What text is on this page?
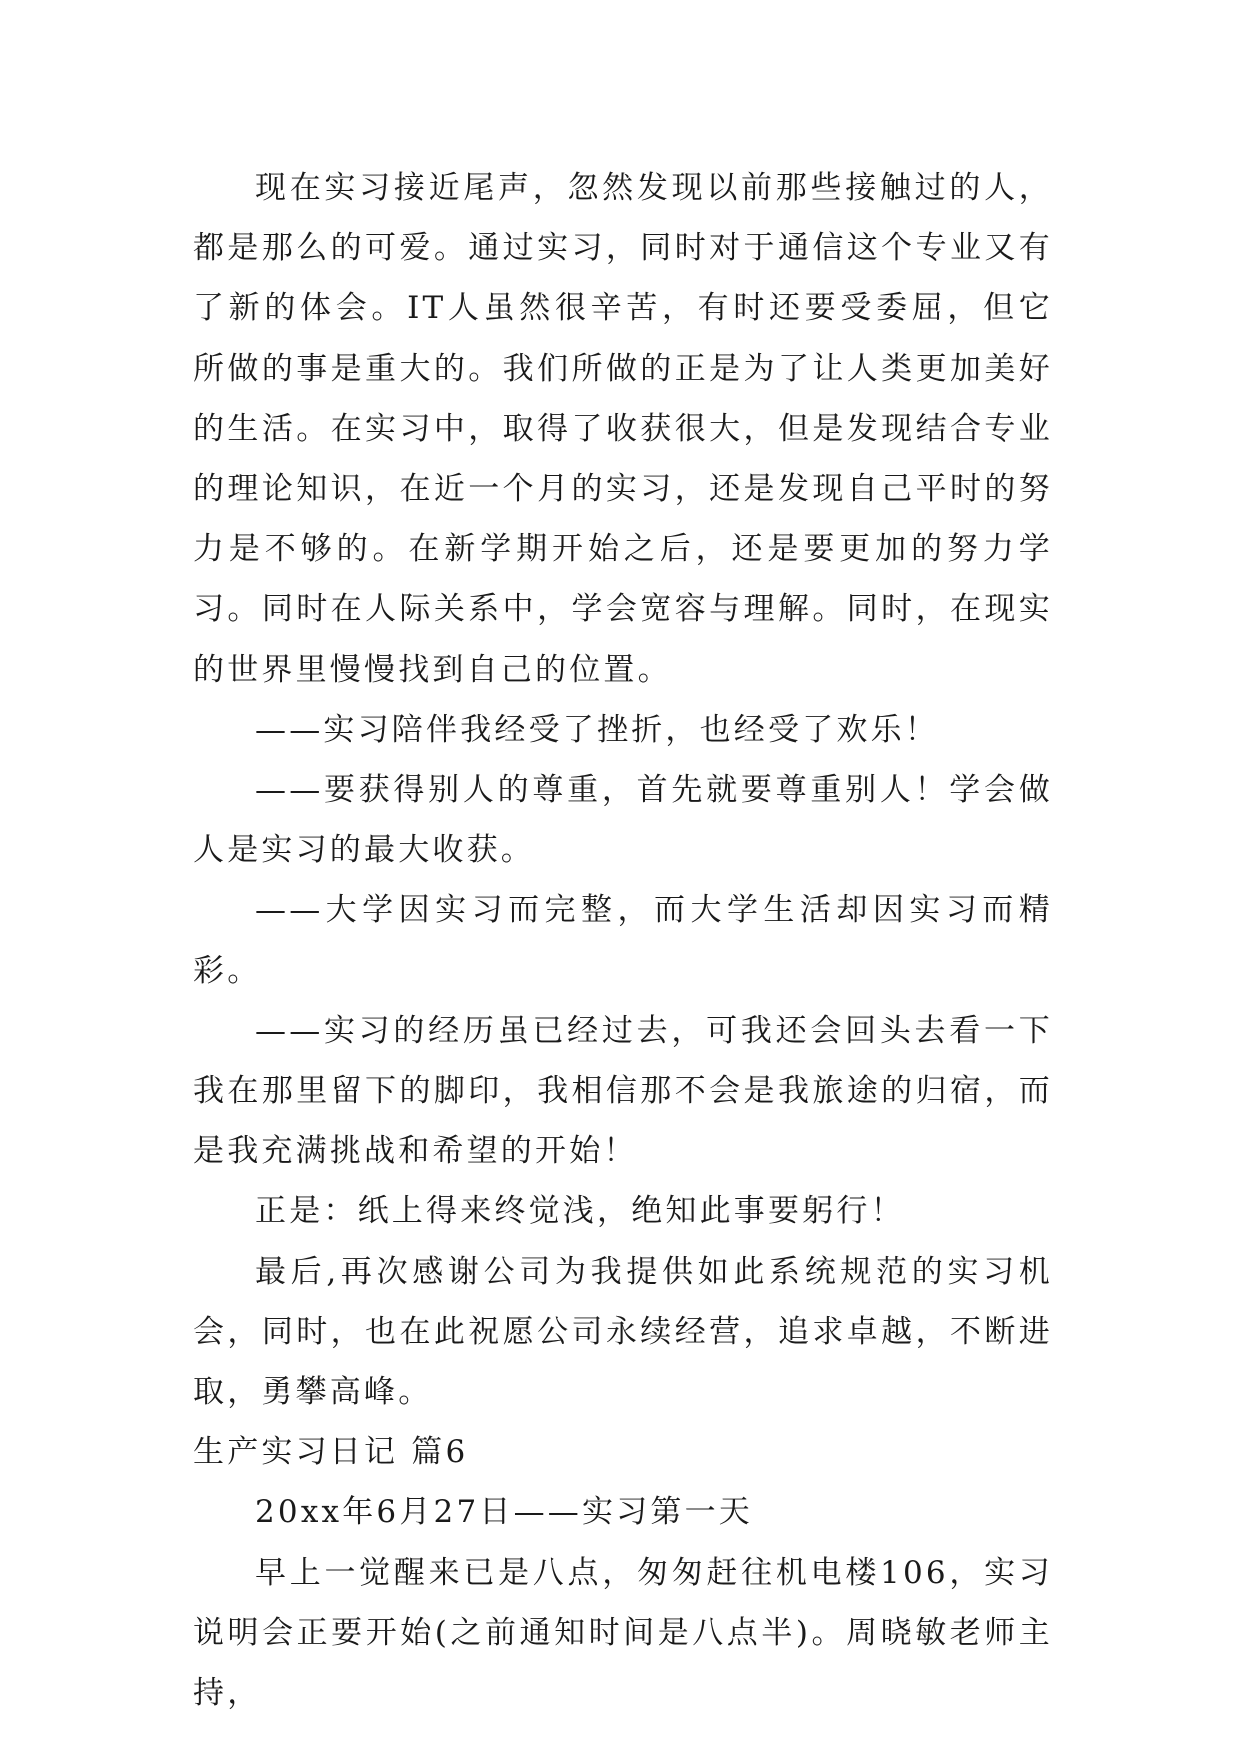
现在实习接近尾声，忽然发现以前那些接触过的人，都是那么的可爱。通过实习，同时对于通信这个专业又有了新的体会。IT人虽然很辛苦，有时还要受委屈，但它所做的事是重大的。我们所做的正是为了让人类更加美好的生活。在实习中，取得了收获很大，但是发现结合专业的理论知识，在近一个月的实习，还是发现自己平时的努力是不够的。在新学期开始之后，还是要更加的努力学习。同时在人际关系中，学会宽容与理解。同时，在现实的世界里慢慢找到自己的位置。

——实习陪伴我经受了挫折，也经受了欢乐！

——要获得别人的尊重，首先就要尊重别人！学会做人是实习的最大收获。

——大学因实习而完整，而大学生活却因实习而精彩。

——实习的经历虽已经过去，可我还会回头去看一下我在那里留下的脚印，我相信那不会是我旅途的归宿，而是我充满挑战和希望的开始！

正是：纸上得来终觉浅，绝知此事要躬行！

最后,再次感谢公司为我提供如此系统规范的实习机会，同时，也在此祝愿公司永续经营，追求卓越，不断进取，勇攀高峰。

生产实习日记 篇6

20xx年6月27日——实习第一天

早上一觉醒来已是八点，匆匆赶往机电楼106，实习说明会正要开始(之前通知时间是八点半)。周晓敏老师主持，
